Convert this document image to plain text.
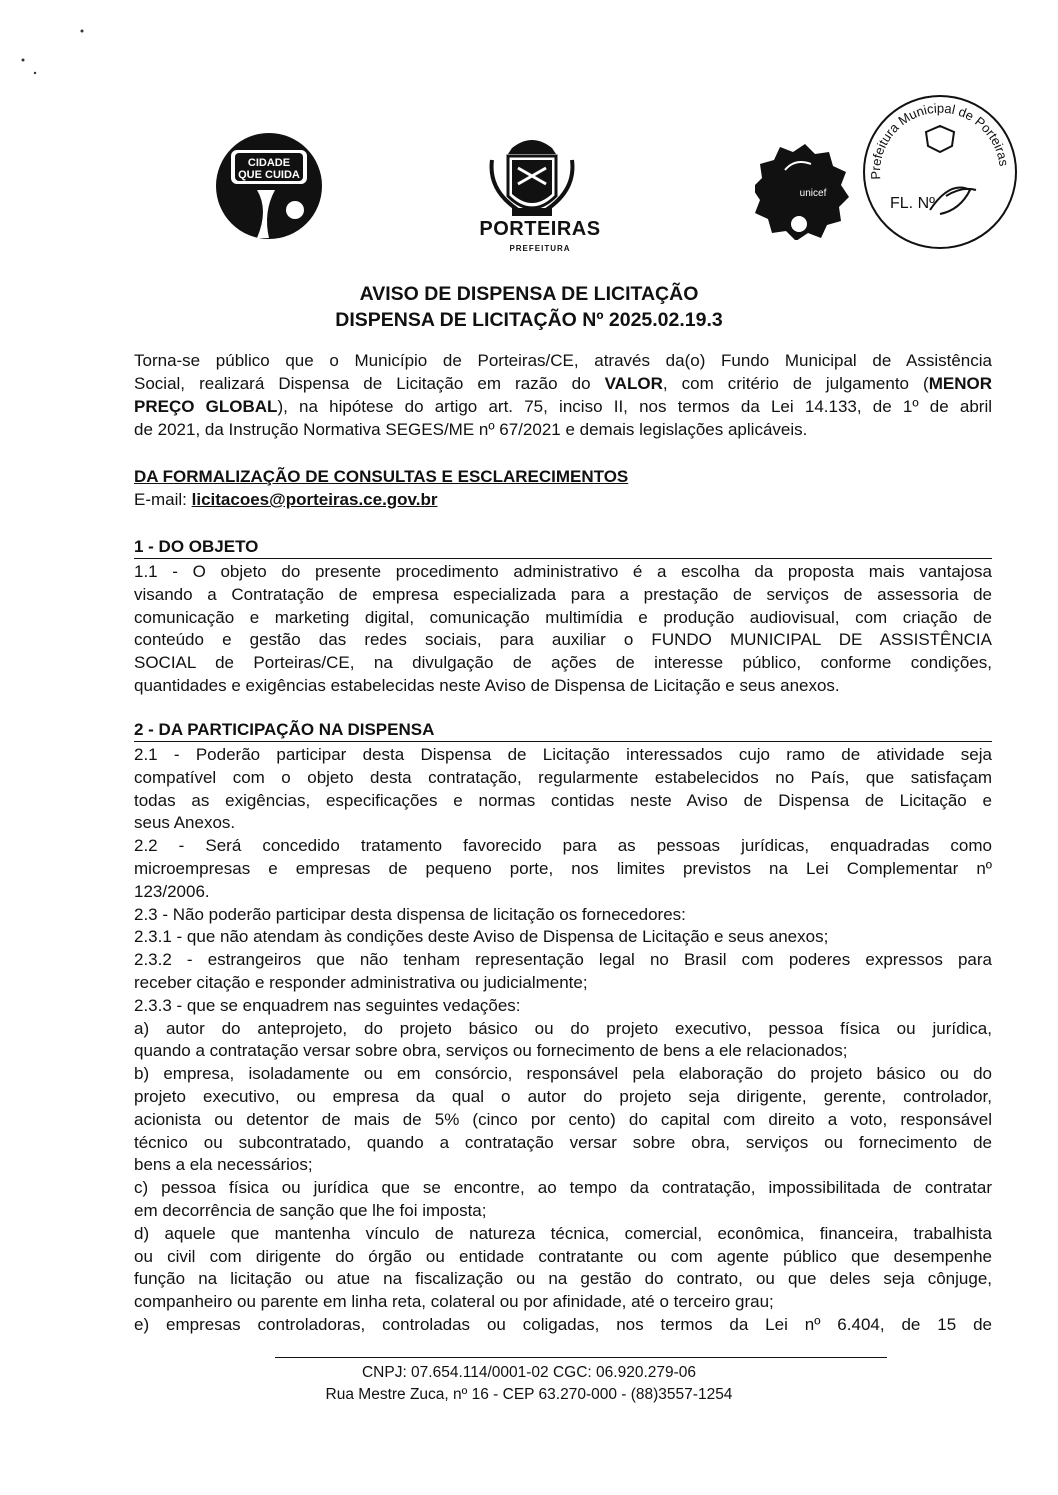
CIDADE
QUE CUIDA
PORTEIRAS
PREFEITURA
unicef
Prefeitura Municipal de Porteiras
FL. Nº
AVISO DE DISPENSA DE LICITAÇÃO
DISPENSA DE LICITAÇÃO Nº 2025.02.19.3
Torna-se público que o Município de Porteiras/CE, através da(o) Fundo Municipal de Assistência
Social, realizará Dispensa de Licitação em razão do VALOR, com critério de julgamento (MENOR
PREÇO GLOBAL), na hipótese do artigo art. 75, inciso II, nos termos da Lei 14.133, de 1º de abril
de 2021, da Instrução Normativa SEGES/ME nº 67/2021 e demais legislações aplicáveis.
DA FORMALIZAÇÃO DE CONSULTAS E ESCLARECIMENTOS
E-mail: licitacoes@porteiras.ce.gov.br
1 - DO OBJETO
1.1 - O objeto do presente procedimento administrativo é a escolha da proposta mais vantajosa
visando a Contratação de empresa especializada para a prestação de serviços de assessoria de
comunicação e marketing digital, comunicação multimídia e produção audiovisual, com criação de
conteúdo e gestão das redes sociais, para auxiliar o FUNDO MUNICIPAL DE ASSISTÊNCIA
SOCIAL de Porteiras/CE, na divulgação de ações de interesse público, conforme condições,
quantidades e exigências estabelecidas neste Aviso de Dispensa de Licitação e seus anexos.
2 - DA PARTICIPAÇÃO NA DISPENSA
2.1 - Poderão participar desta Dispensa de Licitação interessados cujo ramo de atividade seja
compatível com o objeto desta contratação, regularmente estabelecidos no País, que satisfaçam
todas as exigências, especificações e normas contidas neste Aviso de Dispensa de Licitação e
seus Anexos.
2.2 - Será concedido tratamento favorecido para as pessoas jurídicas, enquadradas como
microempresas e empresas de pequeno porte, nos limites previstos na Lei Complementar nº
123/2006.
2.3 - Não poderão participar desta dispensa de licitação os fornecedores:
2.3.1 - que não atendam às condições deste Aviso de Dispensa de Licitação e seus anexos;
2.3.2 - estrangeiros que não tenham representação legal no Brasil com poderes expressos para
receber citação e responder administrativa ou judicialmente;
2.3.3 - que se enquadrem nas seguintes vedações:
a) autor do anteprojeto, do projeto básico ou do projeto executivo, pessoa física ou jurídica,
quando a contratação versar sobre obra, serviços ou fornecimento de bens a ele relacionados;
b) empresa, isoladamente ou em consórcio, responsável pela elaboração do projeto básico ou do
projeto executivo, ou empresa da qual o autor do projeto seja dirigente, gerente, controlador,
acionista ou detentor de mais de 5% (cinco por cento) do capital com direito a voto, responsável
técnico ou subcontratado, quando a contratação versar sobre obra, serviços ou fornecimento de
bens a ela necessários;
c) pessoa física ou jurídica que se encontre, ao tempo da contratação, impossibilitada de contratar
em decorrência de sanção que lhe foi imposta;
d) aquele que mantenha vínculo de natureza técnica, comercial, econômica, financeira, trabalhista
ou civil com dirigente do órgão ou entidade contratante ou com agente público que desempenhe
função na licitação ou atue na fiscalização ou na gestão do contrato, ou que deles seja cônjuge,
companheiro ou parente em linha reta, colateral ou por afinidade, até o terceiro grau;
e) empresas controladoras, controladas ou coligadas, nos termos da Lei nº 6.404, de 15 de
CNPJ: 07.654.114/0001-02 CGC: 06.920.279-06
Rua Mestre Zuca, nº 16 - CEP 63.270-000 - (88)3557-1254
